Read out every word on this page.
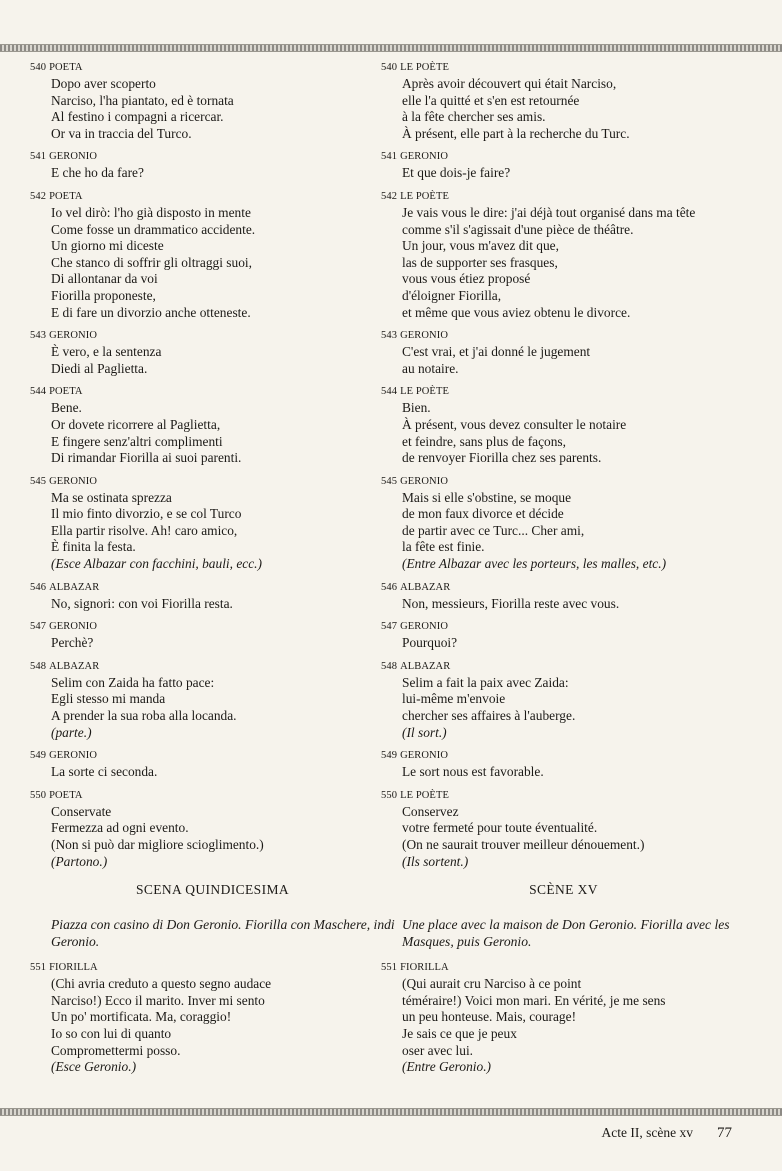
540 POETA
Dopo aver scoperto
Narciso, l'ha piantato, ed è tornata
Al festino i compagni a ricercar.
Or va in traccia del Turco.
541 GERONIO
E che ho da fare?
542 POETA
Io vel dirò: l'ho già disposto in mente
Come fosse un drammatico accidente.
Un giorno mi diceste
Che stanco di soffrir gli oltraggi suoi,
Di allontanar da voi
Fiorilla proponeste,
E di fare un divorzio anche otteneste.
543 GERONIO
È vero, e la sentenza
Diedi al Paglietta.
544 POETA
Bene.
Or dovete ricorrere al Paglietta,
E fingere senz'altri complimenti
Di rimandar Fiorilla ai suoi parenti.
545 GERONIO
Ma se ostinata sprezza
Il mio finto divorzio, e se col Turco
Ella partir risolve. Ah! caro amico,
È finita la festa.
(Esce Albazar con facchini, bauli, ecc.)
546 ALBAZAR
No, signori: con voi Fiorilla resta.
547 GERONIO
Perchè?
548 ALBAZAR
Selim con Zaida ha fatto pace:
Egli stesso mi manda
A prender la sua roba alla locanda.
(parte.)
549 GERONIO
La sorte ci seconda.
550 POETA
Conservate
Fermezza ad ogni evento.
(Non si può dar migliore scioglimento.)
(Partono.)
SCENA QUINDICESIMA
Piazza con casino di Don Geronio. Fiorilla con Maschere, indi Geronio.
551 FIORILLA
(Chi avria creduto a questo segno audace
Narciso!) Ecco il marito. Inver mi sento
Un po' mortificata. Ma, coraggio!
Io so con lui di quanto
Compromettermi posso.
(Esce Geronio.)
540 LE POÈTE
Après avoir découvert qui était Narciso,
elle l'a quitté et s'en est retournée
à la fête chercher ses amis.
À présent, elle part à la recherche du Turc.
541 GERONIO
Et que dois-je faire?
542 LE POÈTE
Je vais vous le dire: j'ai déjà tout organisé dans ma tête
comme s'il s'agissait d'une pièce de théâtre.
Un jour, vous m'avez dit que,
las de supporter ses frasques,
vous vous étiez proposé
d'éloigner Fiorilla,
et même que vous aviez obtenu le divorce.
543 GERONIO
C'est vrai, et j'ai donné le jugement
au notaire.
544 LE POÈTE
Bien.
À présent, vous devez consulter le notaire
et feindre, sans plus de façons,
de renvoyer Fiorilla chez ses parents.
545 GERONIO
Mais si elle s'obstine, se moque
de mon faux divorce et décide
de partir avec ce Turc... Cher ami,
la fête est finie.
(Entre Albazar avec les porteurs, les malles, etc.)
546 ALBAZAR
Non, messieurs, Fiorilla reste avec vous.
547 GERONIO
Pourquoi?
548 ALBAZAR
Selim a fait la paix avec Zaida:
lui-même m'envoie
chercher ses affaires à l'auberge.
(Il sort.)
549 GERONIO
Le sort nous est favorable.
550 LE POÈTE
Conservez
votre fermeté pour toute éventualité.
(On ne saurait trouver meilleur dénouement.)
(Ils sortent.)
SCÈNE XV
Une place avec la maison de Don Geronio. Fiorilla avec les Masques, puis Geronio.
551 FIORILLA
(Qui aurait cru Narciso à ce point
téméraire!) Voici mon mari. En vérité, je me sens
un peu honteuse. Mais, courage!
Je sais ce que je peux
oser avec lui.
(Entre Geronio.)
Acte II, scène xv 77
